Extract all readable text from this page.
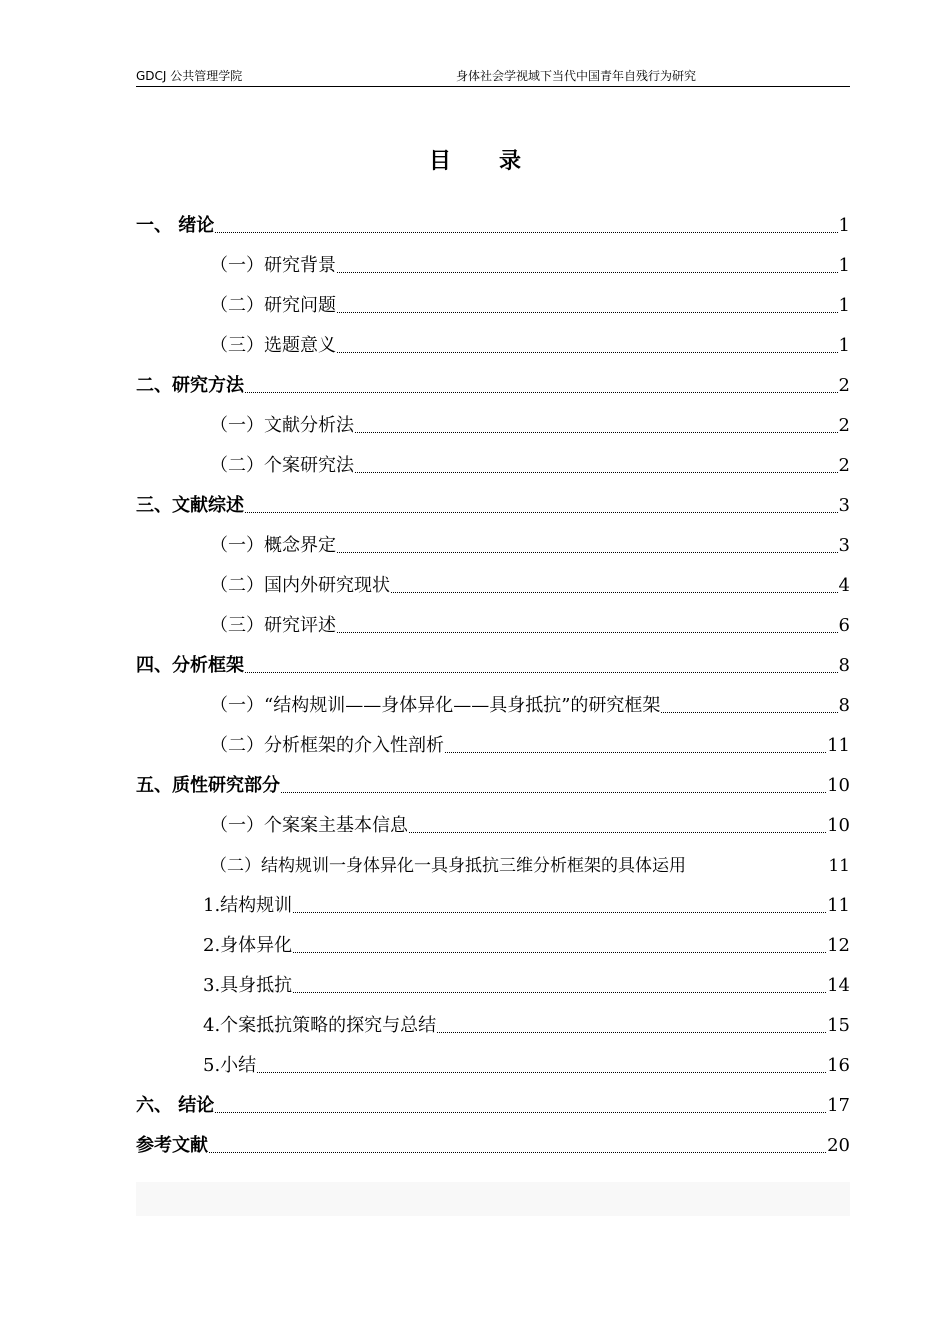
GDCJ 公共管理学院	身体社会学视域下当代中国青年自残行为研究
目 录
一、 绪论	1
（一）研究背景	1
（二）研究问题	1
（三）选题意义	1
二、研究方法	2
（一）文献分析法	2
（二）个案研究法	2
三、文献综述	3
（一）概念界定	3
（二）国内外研究现状	4
（三）研究评述	6
四、分析框架	8
（一）“结构规训——身体异化——具身抵抗”的研究框架	8
（二）分析框架的介入性剖析	11
五、质性研究部分	10
（一）个案案主基本信息	10
（二）结构规训一身体异化一具身抵抗三维分析框架的具体运用	11
1.结构规训	11
2.身体异化	12
3.具身抵抗	14
4.个案抵抗策略的探究与总结	15
5.小结	16
六、 结论	17
参考文献	20
